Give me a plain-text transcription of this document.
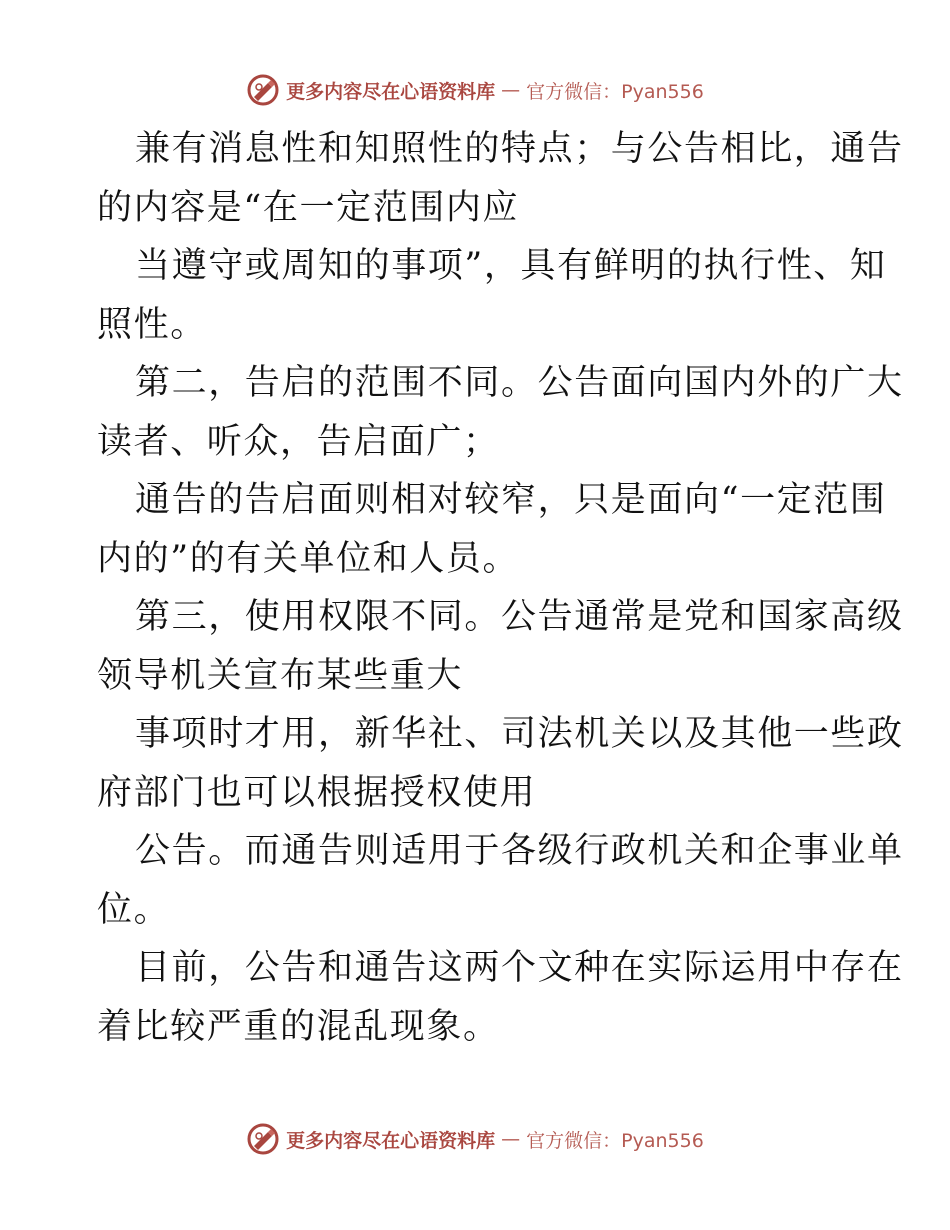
更多内容尽在心语资料库 — 官方微信：Pyan556
兼有消息性和知照性的特点；与公告相比，通告
的内容是“在一定范围内应
当遵守或周知的事项”，具有鲜明的执行性、知
照性。
第二，告启的范围不同。公告面向国内外的广大
读者、听众，告启面广；
通告的告启面则相对较窄，只是面向“一定范围
内的”的有关单位和人员。
第三，使用权限不同。公告通常是党和国家高级
领导机关宣布某些重大
事项时才用，新华社、司法机关以及其他一些政
府部门也可以根据授权使用
公告。而通告则适用于各级行政机关和企事业单
位。
目前，公告和通告这两个文种在实际运用中存在
着比较严重的混乱现象。
更多内容尽在心语资料库 — 官方微信：Pyan556
